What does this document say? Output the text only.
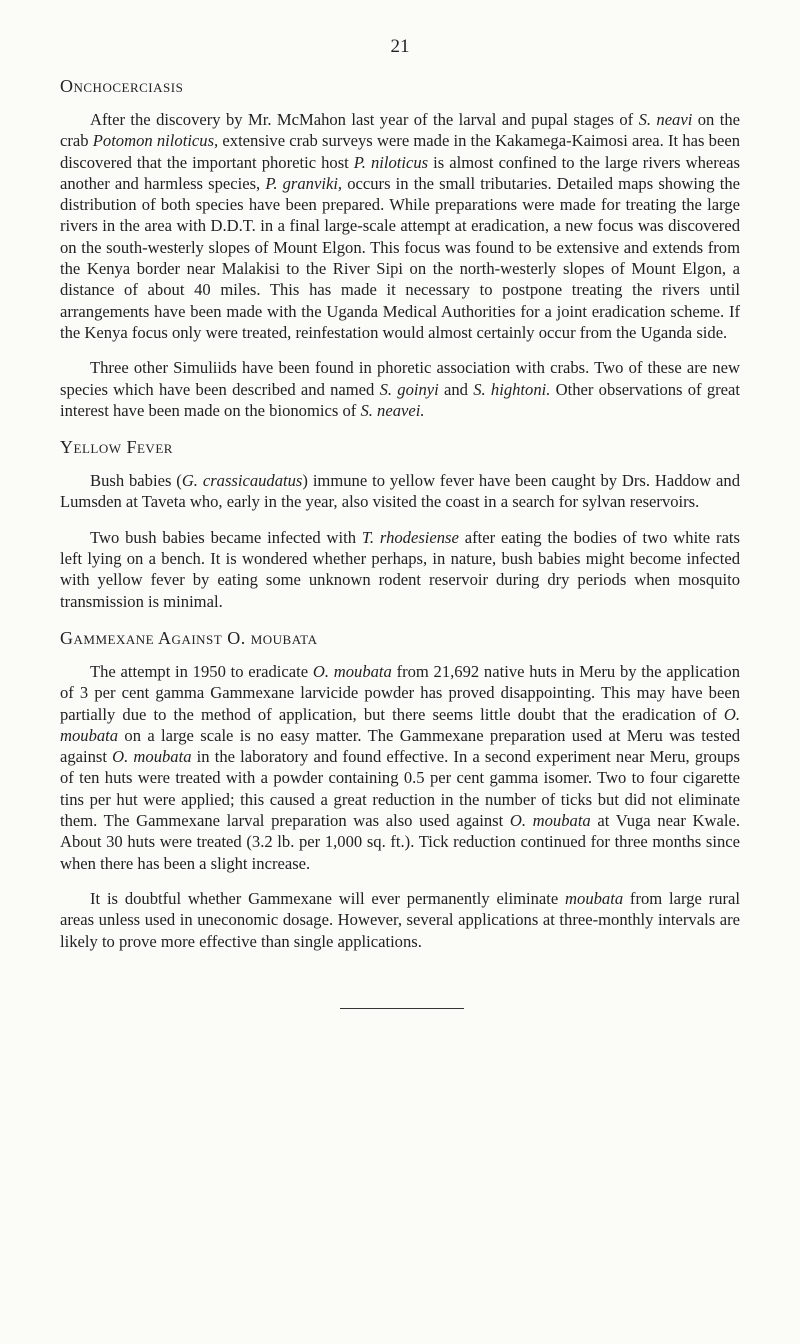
21
Onchocerciasis

After the discovery by Mr. McMahon last year of the larval and pupal stages of S. neavi on the crab Potomon niloticus, extensive crab surveys were made in the Kakamega-Kaimosi area. It has been discovered that the important phoretic host P. niloticus is almost confined to the large rivers whereas another and harmless species, P. granviki, occurs in the small tributaries. Detailed maps showing the distribution of both species have been prepared. While preparations were made for treating the large rivers in the area with D.D.T. in a final large-scale attempt at eradication, a new focus was discovered on the south-westerly slopes of Mount Elgon. This focus was found to be extensive and extends from the Kenya border near Malakisi to the River Sipi on the north-westerly slopes of Mount Elgon, a distance of about 40 miles. This has made it necessary to postpone treating the rivers until arrangements have been made with the Uganda Medical Authorities for a joint eradication scheme. If the Kenya focus only were treated, reinfestation would almost certainly occur from the Uganda side.

Three other Simuliids have been found in phoretic association with crabs. Two of these are new species which have been described and named S. goinyi and S. hightoni. Other observations of great interest have been made on the bionomics of S. neavei.

Yellow Fever

Bush babies (G. crassicaudatus) immune to yellow fever have been caught by Drs. Haddow and Lumsden at Taveta who, early in the year, also visited the coast in a search for sylvan reservoirs.

Two bush babies became infected with T. rhodesiense after eating the bodies of two white rats left lying on a bench. It is wondered whether perhaps, in nature, bush babies might become infected with yellow fever by eating some unknown rodent reservoir during dry periods when mosquito transmission is minimal.

Gammexane Against O. moubata

The attempt in 1950 to eradicate O. moubata from 21,692 native huts in Meru by the application of 3 per cent gamma Gammexane larvicide powder has proved disappointing. This may have been partially due to the method of application, but there seems little doubt that the eradication of O. moubata on a large scale is no easy matter. The Gammexane preparation used at Meru was tested against O. moubata in the laboratory and found effective. In a second experiment near Meru, groups of ten huts were treated with a powder containing 0.5 per cent gamma isomer. Two to four cigarette tins per hut were applied; this caused a great reduction in the number of ticks but did not eliminate them. The Gammexane larval preparation was also used against O. moubata at Vuga near Kwale. About 30 huts were treated (3.2 lb. per 1,000 sq. ft.). Tick reduction continued for three months since when there has been a slight increase.

It is doubtful whether Gammexane will ever permanently eliminate moubata from large rural areas unless used in uneconomic dosage. However, several applications at three-monthly intervals are likely to prove more effective than single applications.
